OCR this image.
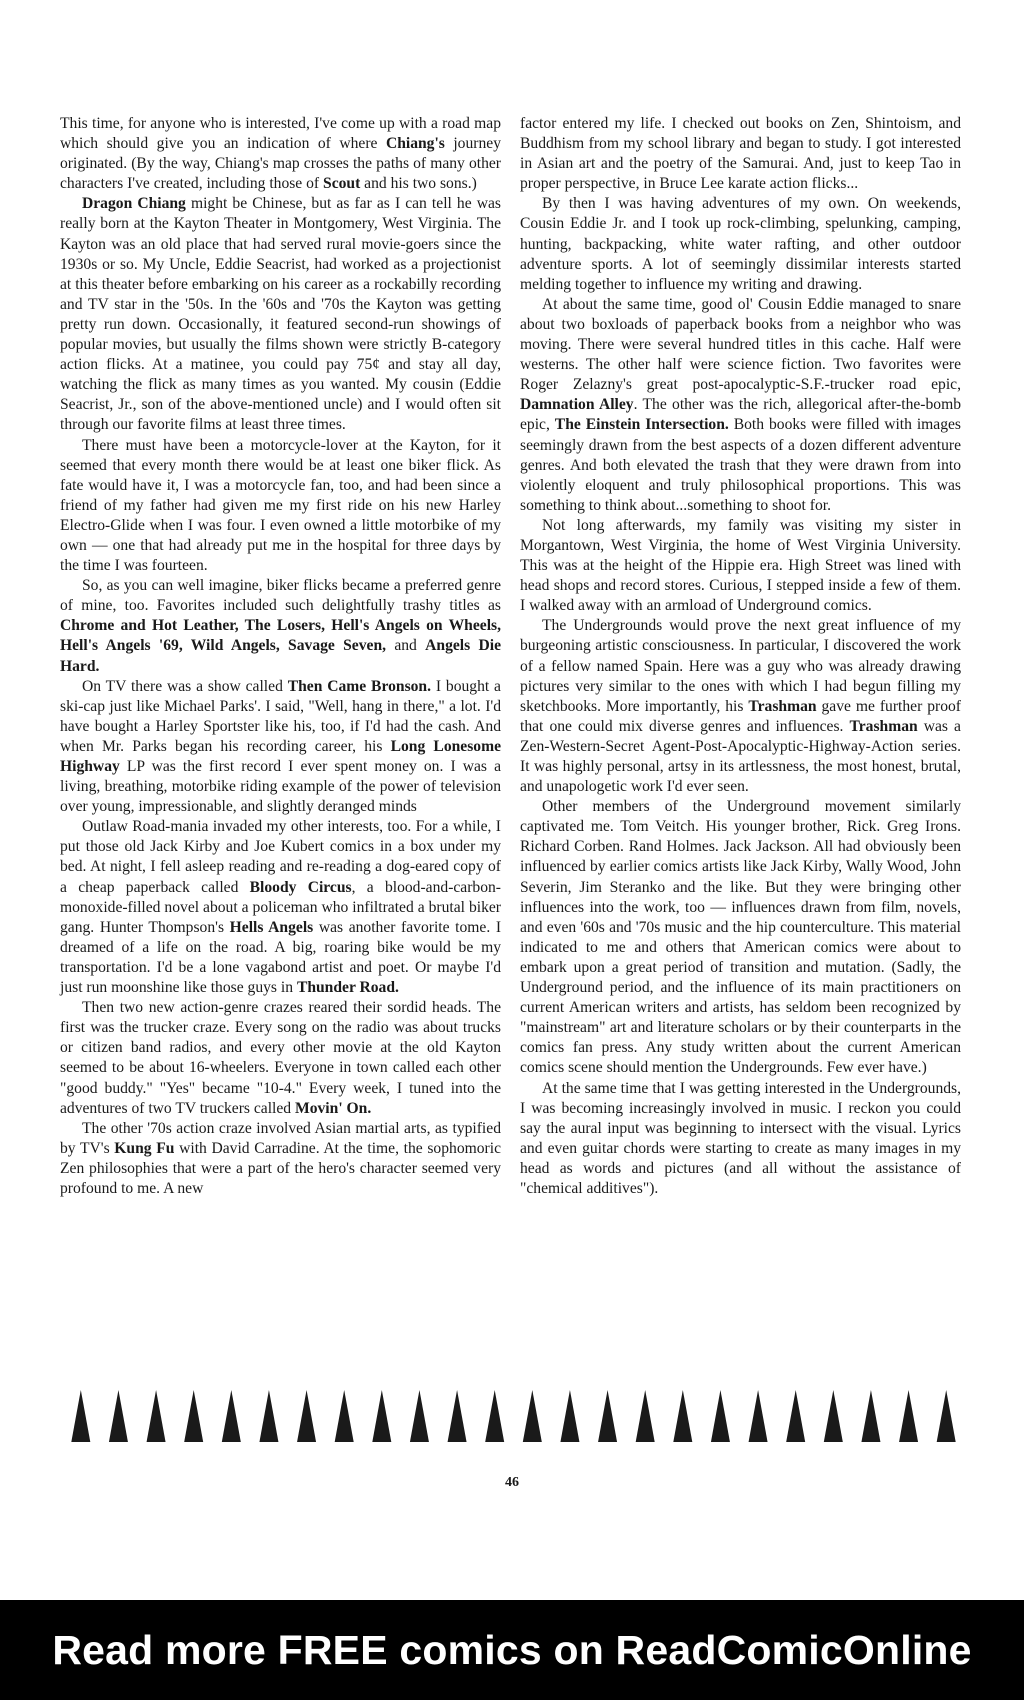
This time, for anyone who is interested, I've come up with a road map which should give you an indication of where Chiang's journey originated. (By the way, Chiang's map crosses the paths of many other characters I've created, including those of Scout and his two sons.)

Dragon Chiang might be Chinese, but as far as I can tell he was really born at the Kayton Theater in Montgomery, West Virginia. The Kayton was an old place that had served rural movie-goers since the 1930s or so. My Uncle, Eddie Seacrist, had worked as a projectionist at this theater before embarking on his career as a rockabilly recording and TV star in the '50s. In the '60s and '70s the Kayton was getting pretty run down. Occasionally, it featured second-run showings of popular movies, but usually the films shown were strictly B-category action flicks. At a matinee, you could pay 75¢ and stay all day, watching the flick as many times as you wanted. My cousin (Eddie Seacrist, Jr., son of the above-mentioned uncle) and I would often sit through our favorite films at least three times.

There must have been a motorcycle-lover at the Kayton, for it seemed that every month there would be at least one biker flick. As fate would have it, I was a motorcycle fan, too, and had been since a friend of my father had given me my first ride on his new Harley Electro-Glide when I was four. I even owned a little motorbike of my own — one that had already put me in the hospital for three days by the time I was fourteen.

So, as you can well imagine, biker flicks became a preferred genre of mine, too. Favorites included such delightfully trashy titles as Chrome and Hot Leather, The Losers, Hell's Angels on Wheels, Hell's Angels '69, Wild Angels, Savage Seven, and Angels Die Hard.

On TV there was a show called Then Came Bronson. I bought a ski-cap just like Michael Parks'. I said, "Well, hang in there," a lot. I'd have bought a Harley Sportster like his, too, if I'd had the cash. And when Mr. Parks began his recording career, his Long Lonesome Highway LP was the first record I ever spent money on. I was a living, breathing, motorbike riding example of the power of television over young, impressionable, and slightly deranged minds

Outlaw Road-mania invaded my other interests, too. For a while, I put those old Jack Kirby and Joe Kubert comics in a box under my bed. At night, I fell asleep reading and re-reading a dog-eared copy of a cheap paperback called Bloody Circus, a blood-and-carbon-monoxide-filled novel about a policeman who infiltrated a brutal biker gang. Hunter Thompson's Hells Angels was another favorite tome. I dreamed of a life on the road. A big, roaring bike would be my transportation. I'd be a lone vagabond artist and poet. Or maybe I'd just run moonshine like those guys in Thunder Road.

Then two new action-genre crazes reared their sordid heads. The first was the trucker craze. Every song on the radio was about trucks or citizen band radios, and every other movie at the old Kayton seemed to be about 16-wheelers. Everyone in town called each other "good buddy." "Yes" became "10-4." Every week, I tuned into the adventures of two TV truckers called Movin' On.

The other '70s action craze involved Asian martial arts, as typified by TV's Kung Fu with David Carradine. At the time, the sophomoric Zen philosophies that were a part of the hero's character seemed very profound to me. A new

factor entered my life. I checked out books on Zen, Shintoism, and Buddhism from my school library and began to study. I got interested in Asian art and the poetry of the Samurai. And, just to keep Tao in proper perspective, in Bruce Lee karate action flicks...

By then I was having adventures of my own. On weekends, Cousin Eddie Jr. and I took up rock-climbing, spelunking, camping, hunting, backpacking, white water rafting, and other outdoor adventure sports. A lot of seemingly dissimilar interests started melding together to influence my writing and drawing.

At about the same time, good ol' Cousin Eddie managed to snare about two boxloads of paperback books from a neighbor who was moving. There were several hundred titles in this cache. Half were westerns. The other half were science fiction. Two favorites were Roger Zelazny's great post-apocalyptic-S.F.-trucker road epic, Damnation Alley. The other was the rich, allegorical after-the-bomb epic, The Einstein Intersection. Both books were filled with images seemingly drawn from the best aspects of a dozen different adventure genres. And both elevated the trash that they were drawn from into violently eloquent and truly philosophical proportions. This was something to think about...something to shoot for.

Not long afterwards, my family was visiting my sister in Morgantown, West Virginia, the home of West Virginia University. This was at the height of the Hippie era. High Street was lined with head shops and record stores. Curious, I stepped inside a few of them. I walked away with an armload of Underground comics.

The Undergrounds would prove the next great influence of my burgeoning artistic consciousness. In particular, I discovered the work of a fellow named Spain. Here was a guy who was already drawing pictures very similar to the ones with which I had begun filling my sketchbooks. More importantly, his Trashman gave me further proof that one could mix diverse genres and influences. Trashman was a Zen-Western-Secret Agent-Post-Apocalyptic-Highway-Action series. It was highly personal, artsy in its artlessness, the most honest, brutal, and unapologetic work I'd ever seen.

Other members of the Underground movement similarly captivated me. Tom Veitch. His younger brother, Rick. Greg Irons. Richard Corben. Rand Holmes. Jack Jackson. All had obviously been influenced by earlier comics artists like Jack Kirby, Wally Wood, John Severin, Jim Steranko and the like. But they were bringing other influences into the work, too — influences drawn from film, novels, and even '60s and '70s music and the hip counterculture. This material indicated to me and others that American comics were about to embark upon a great period of transition and mutation. (Sadly, the Underground period, and the influence of its main practitioners on current American writers and artists, has seldom been recognized by "mainstream" art and literature scholars or by their counterparts in the comics fan press. Any study written about the current American comics scene should mention the Undergrounds. Few ever have.)

At the same time that I was getting interested in the Undergrounds, I was becoming increasingly involved in music. I reckon you could say the aural input was beginning to intersect with the visual. Lyrics and even guitar chords were starting to create as many images in my head as words and pictures (and all without the assistance of "chemical additives").

46
Read more FREE comics on ReadComicOnline
